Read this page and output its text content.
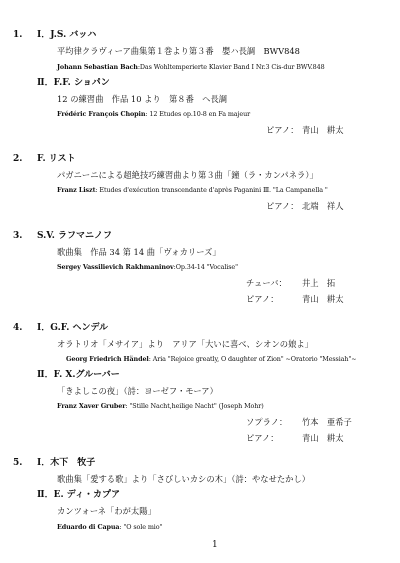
1. Ⅰ．J.S. バッハ
平均律クラヴィーア曲集第１巻より第３番　嬰ハ長調　BWV848
Johann Sebastian Bach:Das Wohltemperierte Klavier Band Ⅰ Nr.3 Cis-dur BWV.848
Ⅱ．F.F. ショパン
12 の練習曲　作品 10 より　第８番　ヘ長調
Frédéric François Chopin: 12 Etudes op.10-8 en Fa majeur
ピアノ： 青山　耕太
2. F. リスト
パガニーニによる超絶技巧練習曲より第３曲「鐘（ラ・カンパネラ）」
Franz Liszt: Etudes d'exécution transcendante d'après Paganini Ⅲ. "La Campanella "
ピアノ： 北端　祥人
3. S.V. ラフマニノフ
歌曲集　作品 34 第 14 曲「ヴォカリーズ」
Sergey Vassilievich Rakhmaninov:Op.34-14 "Vocalise"
チューバ： 井上　拓
ピアノ：	青山　耕太
4. Ⅰ．G.F. ヘンデル
オラトリオ「メサイア」より　アリア「大いに喜べ、シオンの娘よ」
Georg Friedrich Händel: Aria "Rejoice greatly, O daughter of Zion" ~Oratorio "Messiah"~
Ⅱ．F. X.グルーバー
「きよしこの夜」（詩：ヨーゼフ・モーア）
Franz Xaver Gruber: "Stille Nacht,heilige Nacht" (Joseph Mohr)
ソプラノ： 竹本　亜希子
ピアノ：	青山　耕太
5. Ⅰ．木下　牧子
歌曲集「愛する歌」より「さびしいカシの木」（詩：やなせたかし）
Ⅱ．E. ディ・カプア
カンツォーネ「わが太陽」
Eduardo di Capua: "O sole mio"
1
